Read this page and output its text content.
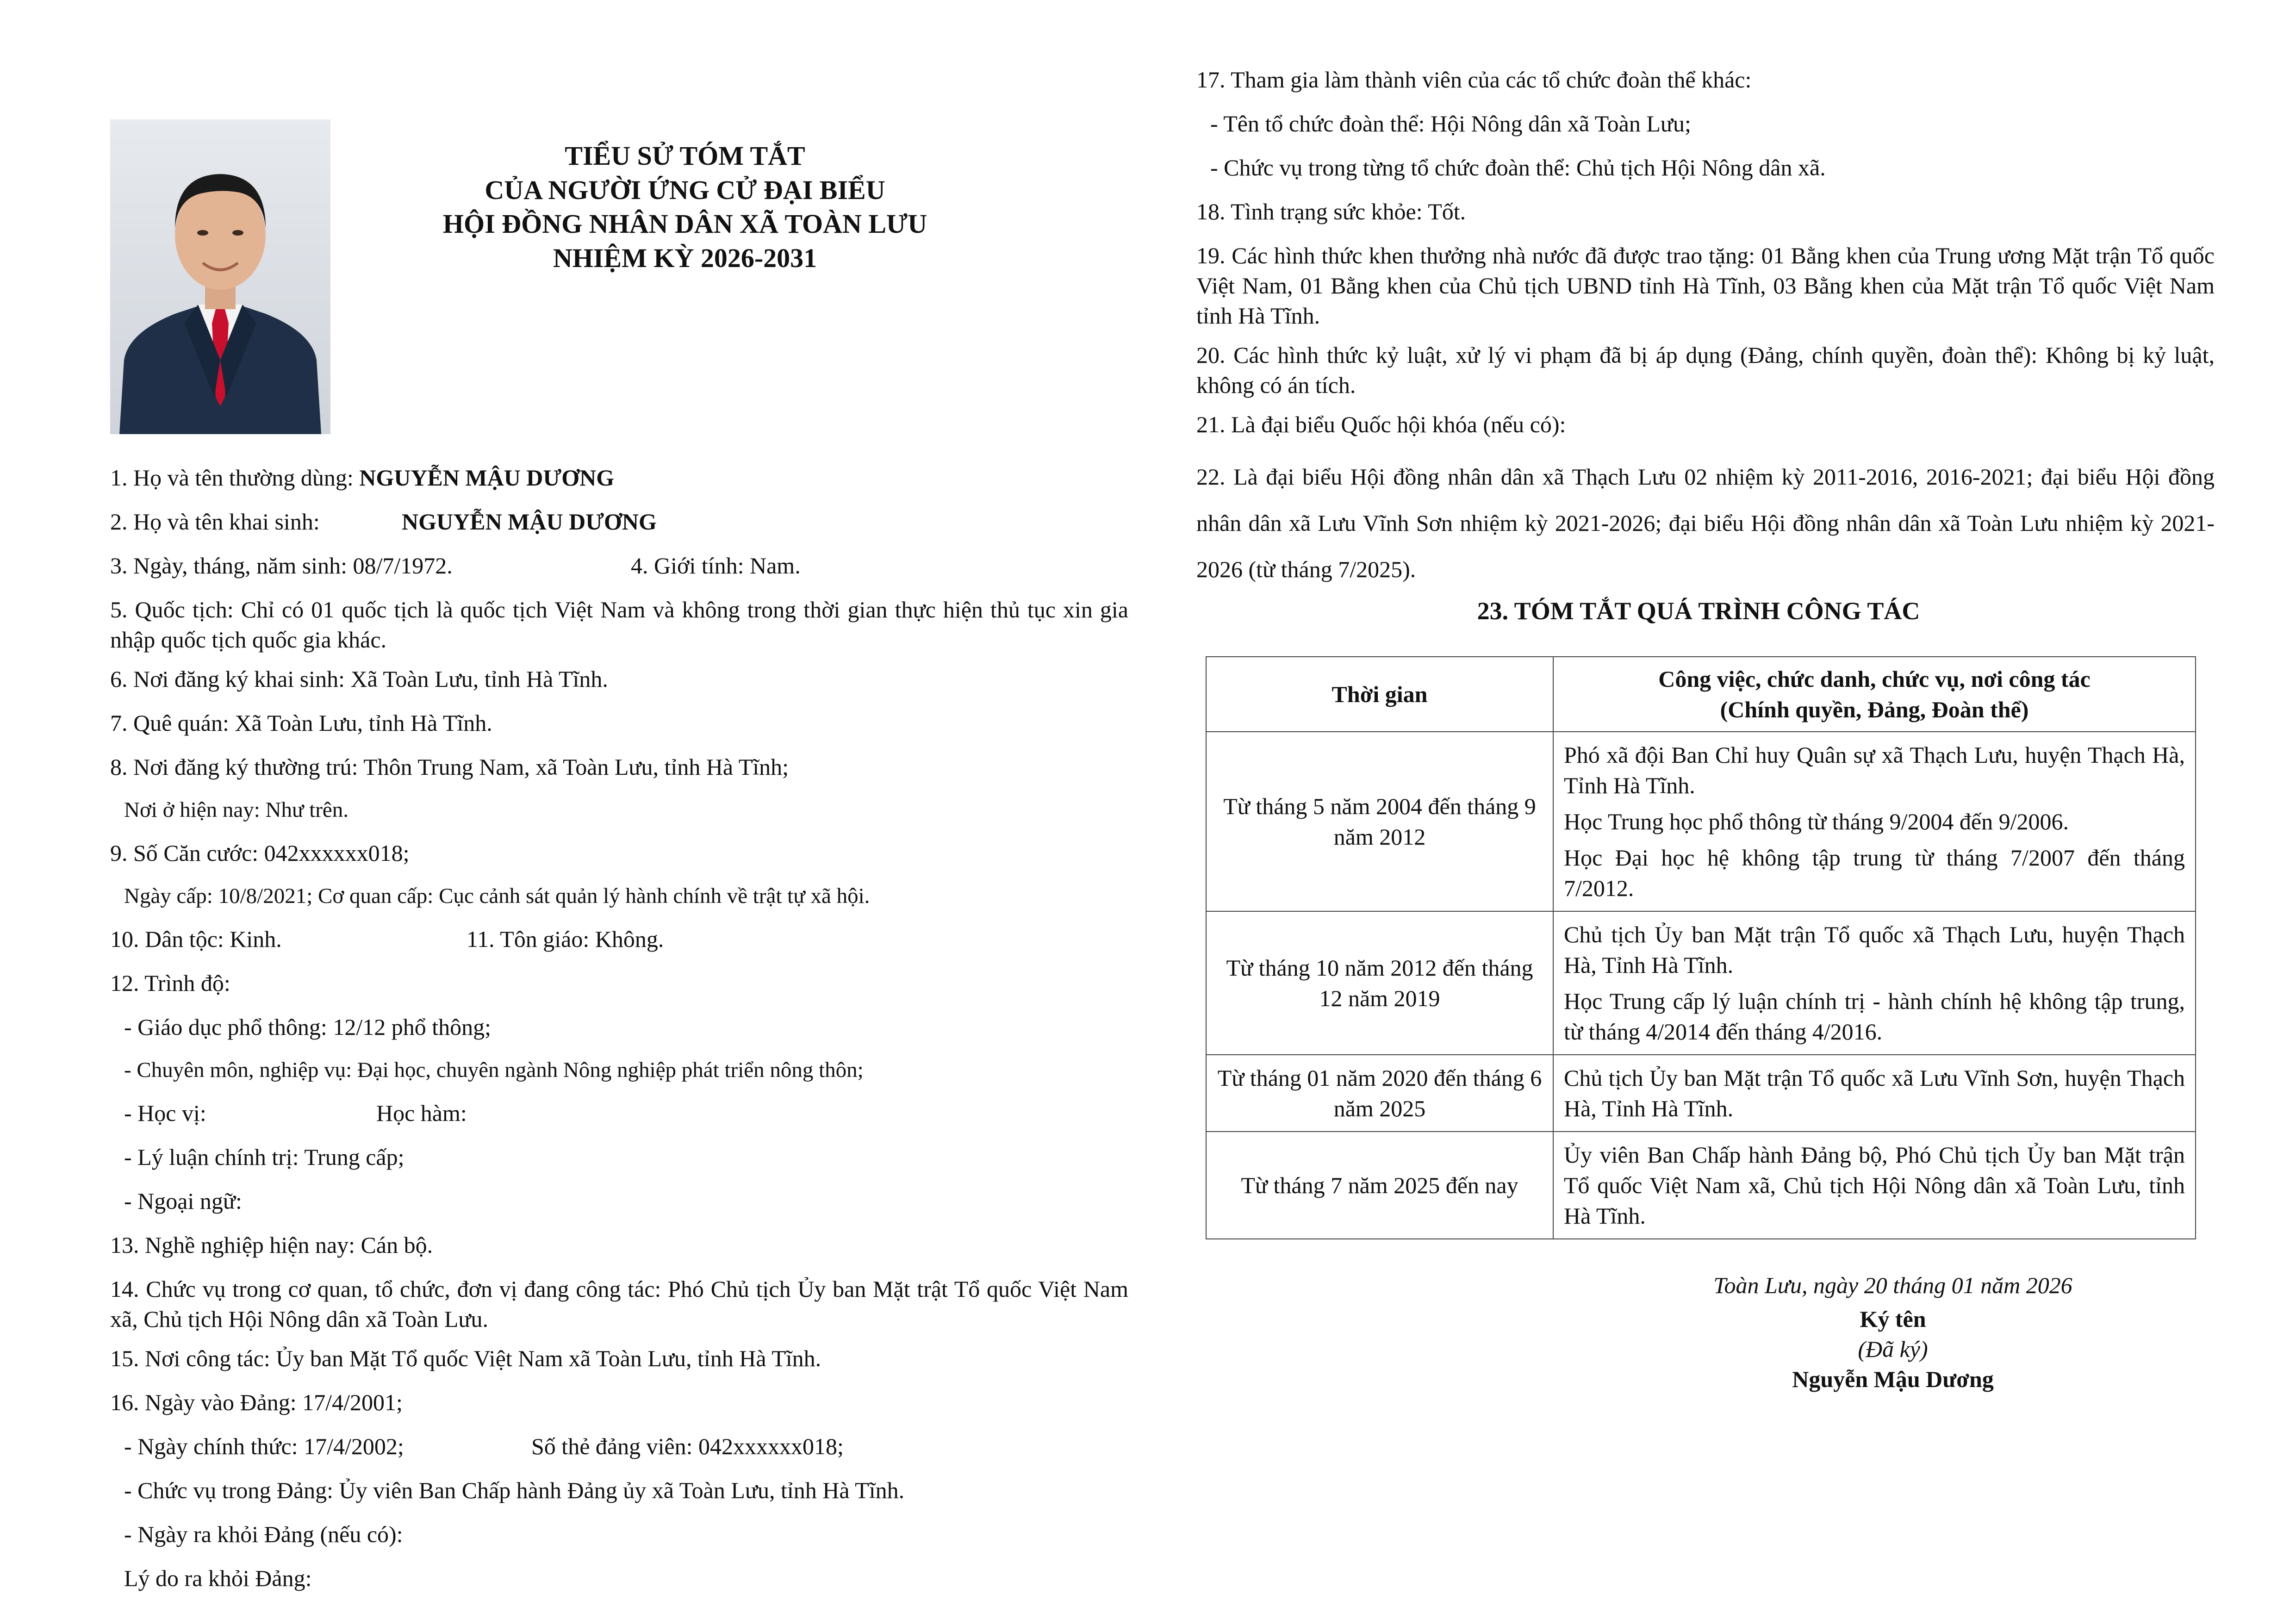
TIỂU SỬ TÓM TẮT
CỦA NGƯỜI ỨNG CỬ ĐẠI BIỂU
HỘI ĐỒNG NHÂN DÂN XÃ TOÀN LƯU
NHIỆM KỲ 2026-2031
1. Họ và tên thường dùng: NGUYỄN MẬU DƯƠNG
2. Họ và tên khai sinh:	NGUYỄN MẬU DƯƠNG
3. Ngày, tháng, năm sinh: 08/7/1972.	4. Giới tính: Nam.
5. Quốc tịch: Chỉ có 01 quốc tịch là quốc tịch Việt Nam và không trong thời gian thực hiện thủ tục xin gia nhập quốc tịch quốc gia khác.
6. Nơi đăng ký khai sinh: Xã Toàn Lưu, tỉnh Hà Tĩnh.
7. Quê quán: Xã Toàn Lưu, tỉnh Hà Tĩnh.
8. Nơi đăng ký thường trú: Thôn Trung Nam, xã Toàn Lưu, tỉnh Hà Tĩnh;
Nơi ở hiện nay: Như trên.
9. Số Căn cước: 042xxxxxx018;
Ngày cấp: 10/8/2021; Cơ quan cấp: Cục cảnh sát quản lý hành chính về trật tự xã hội.
10. Dân tộc: Kinh.	11. Tôn giáo: Không.
12. Trình độ:
- Giáo dục phổ thông: 12/12 phổ thông;
- Chuyên môn, nghiệp vụ: Đại học, chuyên ngành Nông nghiệp phát triển nông thôn;
- Học vị:	Học hàm:
- Lý luận chính trị: Trung cấp;
- Ngoại ngữ:
13. Nghề nghiệp hiện nay: Cán bộ.
14. Chức vụ trong cơ quan, tổ chức, đơn vị đang công tác: Phó Chủ tịch Ủy ban Mặt trật Tổ quốc Việt Nam xã, Chủ tịch Hội Nông dân xã Toàn Lưu.
15. Nơi công tác: Ủy ban Mặt Tổ quốc Việt Nam xã Toàn Lưu, tỉnh Hà Tĩnh.
16. Ngày vào Đảng: 17/4/2001;
- Ngày chính thức: 17/4/2002;	Số thẻ đảng viên: 042xxxxxx018;
- Chức vụ trong Đảng: Ủy viên Ban Chấp hành Đảng ủy xã Toàn Lưu, tỉnh Hà Tĩnh.
- Ngày ra khỏi Đảng (nếu có):
Lý do ra khỏi Đảng:
17. Tham gia làm thành viên của các tổ chức đoàn thể khác:
- Tên tổ chức đoàn thể: Hội Nông dân xã Toàn Lưu;
- Chức vụ trong từng tổ chức đoàn thể: Chủ tịch Hội Nông dân xã.
18. Tình trạng sức khỏe: Tốt.
19. Các hình thức khen thưởng nhà nước đã được trao tặng: 01 Bằng khen của Trung ương Mặt trận Tổ quốc Việt Nam, 01 Bằng khen của Chủ tịch UBND tỉnh Hà Tĩnh, 03 Bằng khen của Mặt trận Tổ quốc Việt Nam tỉnh Hà Tĩnh.
20. Các hình thức kỷ luật, xử lý vi phạm đã bị áp dụng (Đảng, chính quyền, đoàn thể): Không bị kỷ luật, không có án tích.
21. Là đại biểu Quốc hội khóa (nếu có):
22. Là đại biểu Hội đồng nhân dân xã Thạch Lưu 02 nhiệm kỳ 2011-2016, 2016-2021; đại biểu Hội đồng nhân dân xã Lưu Vĩnh Sơn nhiệm kỳ 2021-2026; đại biểu Hội đồng nhân dân xã Toàn Lưu nhiệm kỳ 2021-2026 (từ tháng 7/2025).
23. TÓM TẮT QUÁ TRÌNH CÔNG TÁC
Thời gian	Công việc, chức danh, chức vụ, nơi công tác
(Chính quyền, Đảng, Đoàn thể)

Từ tháng 5 năm 2004 đến tháng 9 năm 2012	Phó xã đội Ban Chỉ huy Quân sự xã Thạch Lưu, huyện Thạch Hà, Tỉnh Hà Tĩnh.

Học Trung học phổ thông từ tháng 9/2004 đến 9/2006.

Học Đại học hệ không tập trung từ tháng 7/2007 đến tháng 7/2012.

Từ tháng 10 năm 2012 đến tháng 12 năm 2019	Chủ tịch Ủy ban Mặt trận Tổ quốc xã Thạch Lưu, huyện Thạch Hà, Tỉnh Hà Tĩnh.

Học Trung cấp lý luận chính trị - hành chính hệ không tập trung, từ tháng 4/2014 đến tháng 4/2016.

Từ tháng 01 năm 2020 đến tháng 6 năm 2025	Chủ tịch Ủy ban Mặt trận Tổ quốc xã Lưu Vĩnh Sơn, huyện Thạch Hà, Tỉnh Hà Tĩnh.

Từ tháng 7 năm 2025 đến nay	Ủy viên Ban Chấp hành Đảng bộ, Phó Chủ tịch Ủy ban Mặt trận Tổ quốc Việt Nam xã, Chủ tịch Hội Nông dân xã Toàn Lưu, tỉnh Hà Tĩnh.

Toàn Lưu, ngày 20 tháng 01 năm 2026
Ký tên
(Đã ký)
Nguyễn Mậu Dương
